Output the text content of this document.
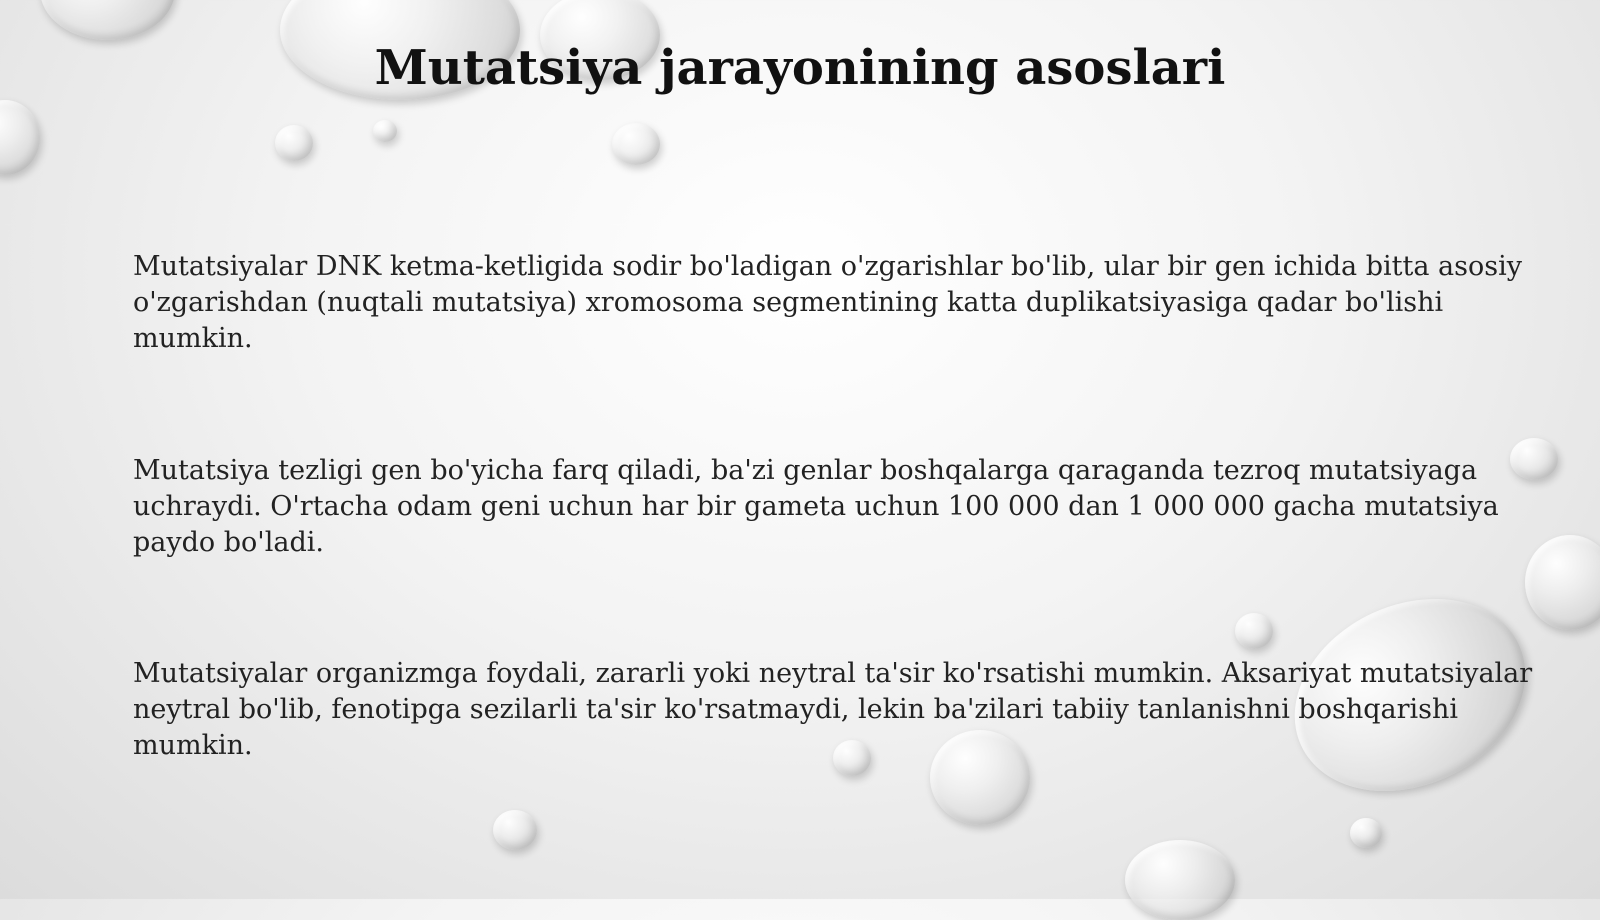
Mutatsiya jarayonining asoslari

Mutatsiyalar DNK ketma-ketligida sodir bo'ladigan o'zgarishlar bo'lib, ular bir gen ichida bitta asosiy o'zgarishdan (nuqtali mutatsiya) xromosoma segmentining katta duplikatsiyasiga qadar bo'lishi mumkin.

Mutatsiya tezligi gen bo'yicha farq qiladi, ba'zi genlar boshqalarga qaraganda tezroq mutatsiyaga uchraydi. O'rtacha odam geni uchun har bir gameta uchun 100 000 dan 1 000 000 gacha mutatsiya paydo bo'ladi.

Mutatsiyalar organizmga foydali, zararli yoki neytral ta'sir ko'rsatishi mumkin. Aksariyat mutatsiyalar neytral bo'lib, fenotipga sezilarli ta'sir ko'rsatmaydi, lekin ba'zilari tabiiy tanlanishni boshqarishi mumkin.
